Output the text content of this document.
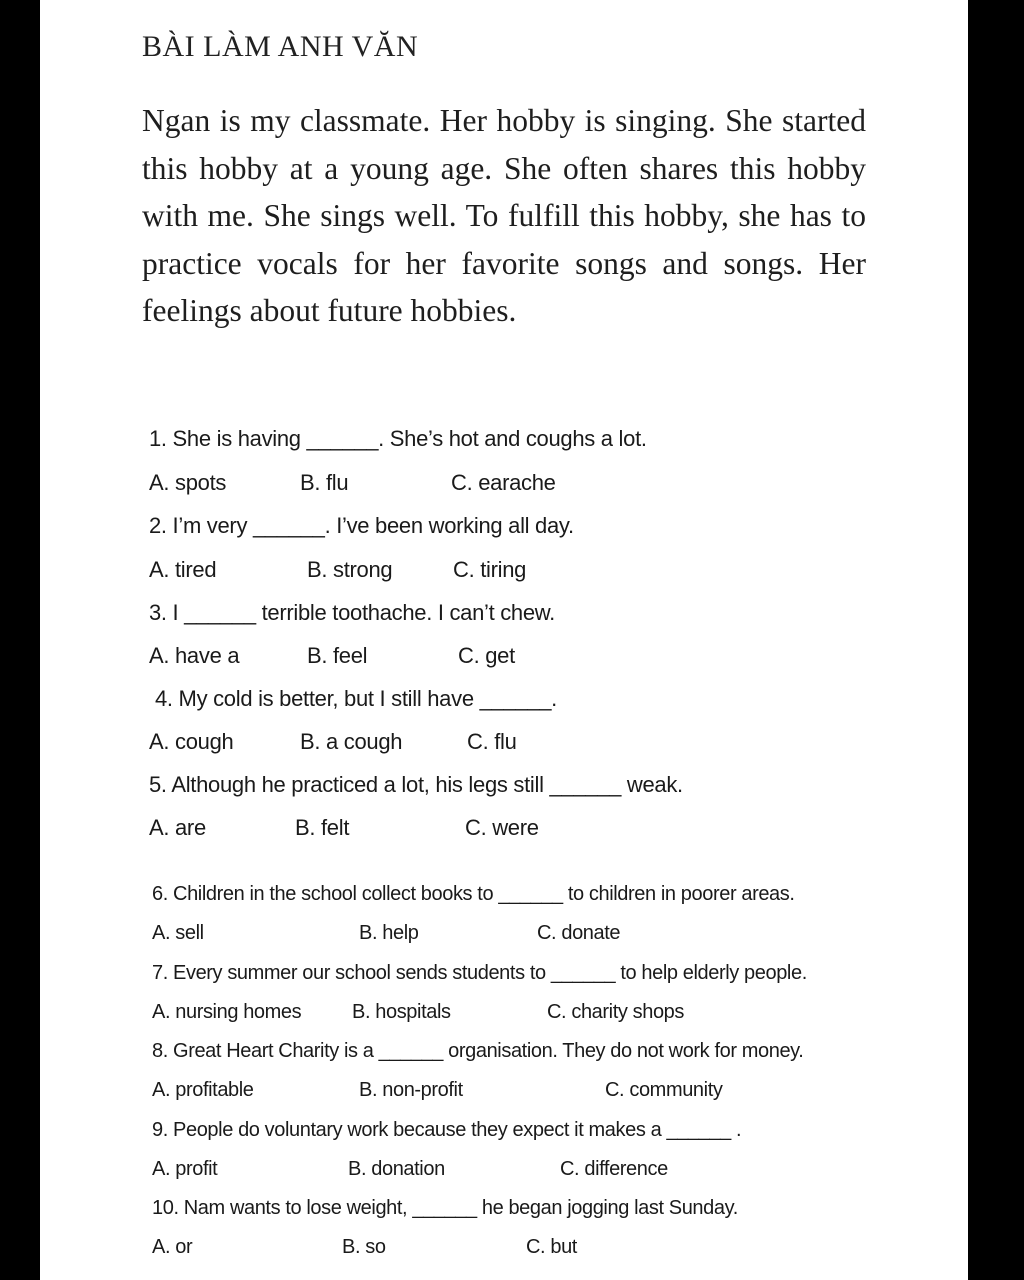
BÀI LÀM ANH VĂN

Ngan is my classmate. Her hobby is singing. She started this hobby at a young age. She often shares this hobby with me. She sings well. To fulfill this hobby, she has to practice vocals for her favorite songs and songs. Her feelings about future hobbies.

1. She is having ______. She’s hot and coughs a lot.
A. spots	B. flu	C. earache
2. I’m very ______. I’ve been working all day.
A. tired	B. strong	C. tiring
3. I ______ terrible toothache. I can’t chew.
A. have a	B. feel	C. get
4. My cold is better, but I still have ______.
A. cough	B. a cough	C. flu
5. Although he practiced a lot, his legs still ______ weak.
A. are	B. felt	C. were
6. Children in the school collect books to ______ to children in poorer areas.
A. sell	B. help	C. donate
7. Every summer our school sends students to ______ to help elderly people.
A. nursing homes	B. hospitals	C. charity shops
8. Great Heart Charity is a ______ organisation. They do not work for money.
A. profitable	B. non-profit	C. community
9. People do voluntary work because they expect it makes a ______ .
A. profit	B. donation	C. difference
10. Nam wants to lose weight, ______ he began jogging last Sunday.
A. or	B. so	C. but
